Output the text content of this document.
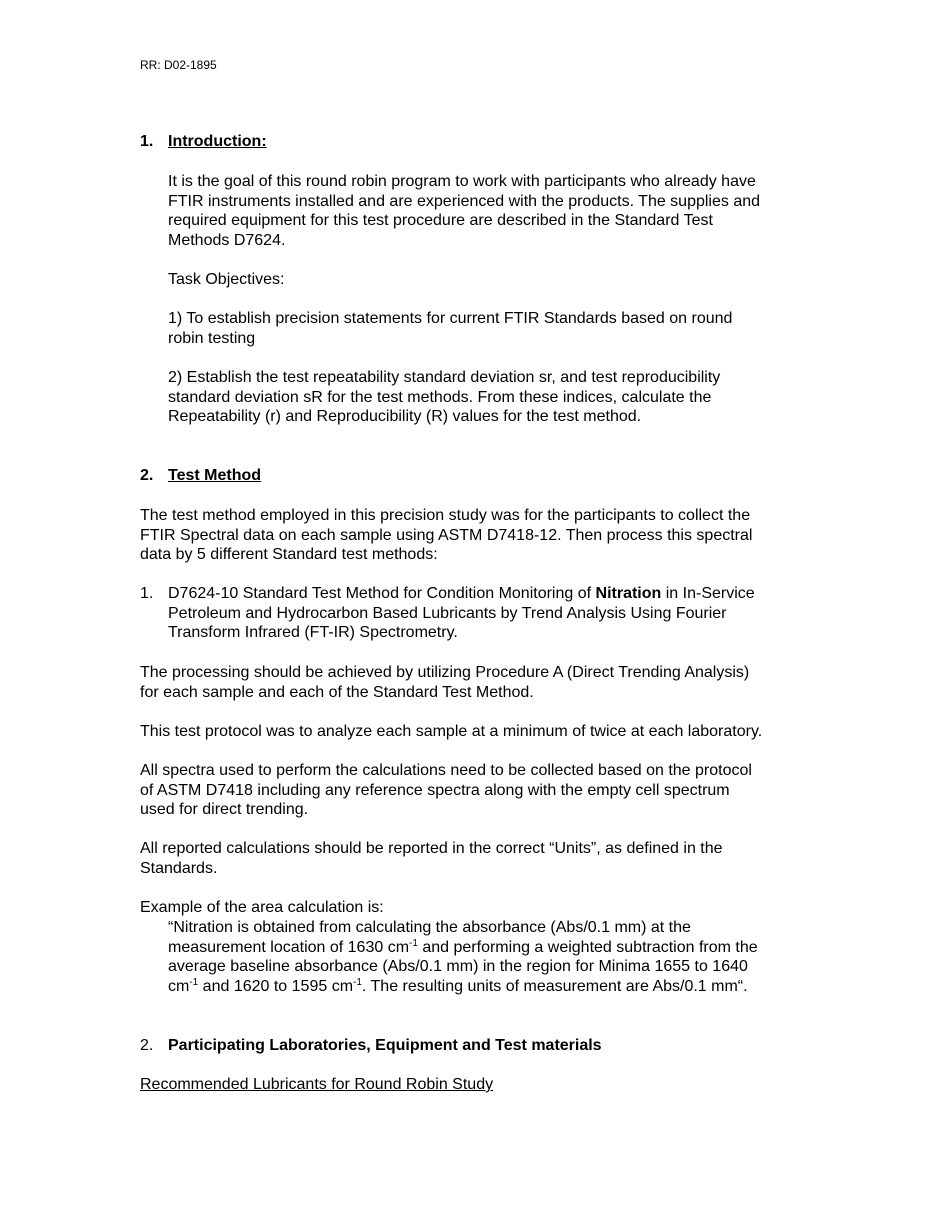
RR: D02-1895
1. Introduction:
It is the goal of this round robin program to work with participants who already have
FTIR instruments installed and are experienced with the products. The supplies and
required equipment for this test procedure are described in the Standard Test
Methods D7624.
Task Objectives:
1) To establish precision statements for current FTIR Standards based on round
robin testing
2) Establish the test repeatability standard deviation sr, and test reproducibility
standard deviation sR for the test methods. From these indices, calculate the
Repeatability (r) and Reproducibility (R) values for the test method.
2. Test Method
The test method employed in this precision study was for the participants to collect the
FTIR Spectral data on each sample using ASTM D7418-12. Then process this spectral
data by 5 different Standard test methods:
1. D7624-10 Standard Test Method for Condition Monitoring of Nitration in In-Service
Petroleum and Hydrocarbon Based Lubricants by Trend Analysis Using Fourier
Transform Infrared (FT-IR) Spectrometry.
The processing should be achieved by utilizing Procedure A (Direct Trending Analysis)
for each sample and each of the Standard Test Method.
This test protocol was to analyze each sample at a minimum of twice at each laboratory.
All spectra used to perform the calculations need to be collected based on the protocol
of ASTM D7418 including any reference spectra along with the empty cell spectrum
used for direct trending.
All reported calculations should be reported in the correct “Units”, as defined in the
Standards.
Example of the area calculation is:
“Nitration is obtained from calculating the absorbance (Abs/0.1 mm) at the
measurement location of 1630 $cm^{-1}$ and performing a weighted subtraction from the
average baseline absorbance (Abs/0.1 mm) in the region for Minima 1655 to 1640
$cm^{-1}$ and 1620 to 1595 $cm^{-1}$. The resulting units of measurement are Abs/0.1 mm“.
2. Participating Laboratories, Equipment and Test materials
Recommended Lubricants for Round Robin Study
